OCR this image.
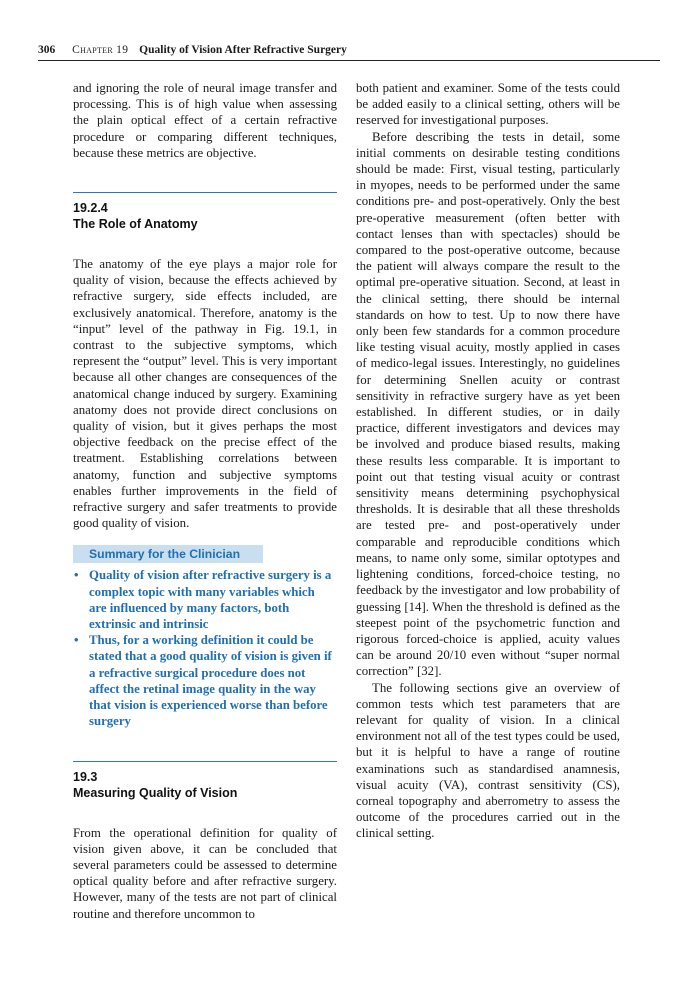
306 Chapter 19 Quality of Vision After Refractive Surgery

and ignoring the role of neural image transfer and processing. This is of high value when assessing the plain optical effect of a certain refractive procedure or comparing different techniques, because these metrics are objective.

19.2.4
The Role of Anatomy

The anatomy of the eye plays a major role for quality of vision, because the effects achieved by refractive surgery, side effects included, are exclusively anatomical. Therefore, anatomy is the “input” level of the pathway in Fig. 19.1, in contrast to the subjective symptoms, which represent the “output” level. This is very important because all other changes are consequences of the anatomical change induced by surgery. Examining anatomy does not provide direct conclusions on quality of vision, but it gives perhaps the most objective feedback on the precise effect of the treatment. Establishing correlations between anatomy, function and subjective symptoms enables further improvements in the field of refractive surgery and safer treatments to provide good quality of vision.

Summary for the Clinician
• Quality of vision after refractive surgery is a complex topic with many variables which are influenced by many factors, both extrinsic and intrinsic
• Thus, for a working definition it could be stated that a good quality of vision is given if a refractive surgical procedure does not affect the retinal image quality in the way that vision is experienced worse than before surgery
19.3
Measuring Quality of Vision

From the operational definition for quality of vision given above, it can be concluded that several parameters could be assessed to determine optical quality before and after refractive surgery. However, many of the tests are not part of clinical routine and therefore uncommon to

both patient and examiner. Some of the tests could be added easily to a clinical setting, others will be reserved for investigational purposes.

Before describing the tests in detail, some initial comments on desirable testing conditions should be made: First, visual testing, particularly in myopes, needs to be performed under the same conditions pre- and post-operatively. Only the best pre-operative measurement (often better with contact lenses than with spectacles) should be compared to the post-operative outcome, because the patient will always compare the result to the optimal pre-operative situation. Second, at least in the clinical setting, there should be internal standards on how to test. Up to now there have only been few standards for a common procedure like testing visual acuity, mostly applied in cases of medico-legal issues. Interestingly, no guidelines for determining Snellen acuity or contrast sensitivity in refractive surgery have as yet been established. In different studies, or in daily practice, different investigators and devices may be involved and produce biased results, making these results less comparable. It is important to point out that testing visual acuity or contrast sensitivity means determining psychophysical thresholds. It is desirable that all these thresholds are tested pre- and post-operatively under comparable and reproducible conditions which means, to name only some, similar optotypes and lightening conditions, forced-choice testing, no feedback by the investigator and low probability of guessing [14]. When the threshold is defined as the steepest point of the psychometric function and rigorous forced-choice is applied, acuity values can be around 20/10 even without “super normal correction” [32].

The following sections give an overview of common tests which test parameters that are relevant for quality of vision. In a clinical environment not all of the test types could be used, but it is helpful to have a range of routine examinations such as standardised anamnesis, visual acuity (VA), contrast sensitivity (CS), corneal topography and aberrometry to assess the outcome of the procedures carried out in the clinical setting.
